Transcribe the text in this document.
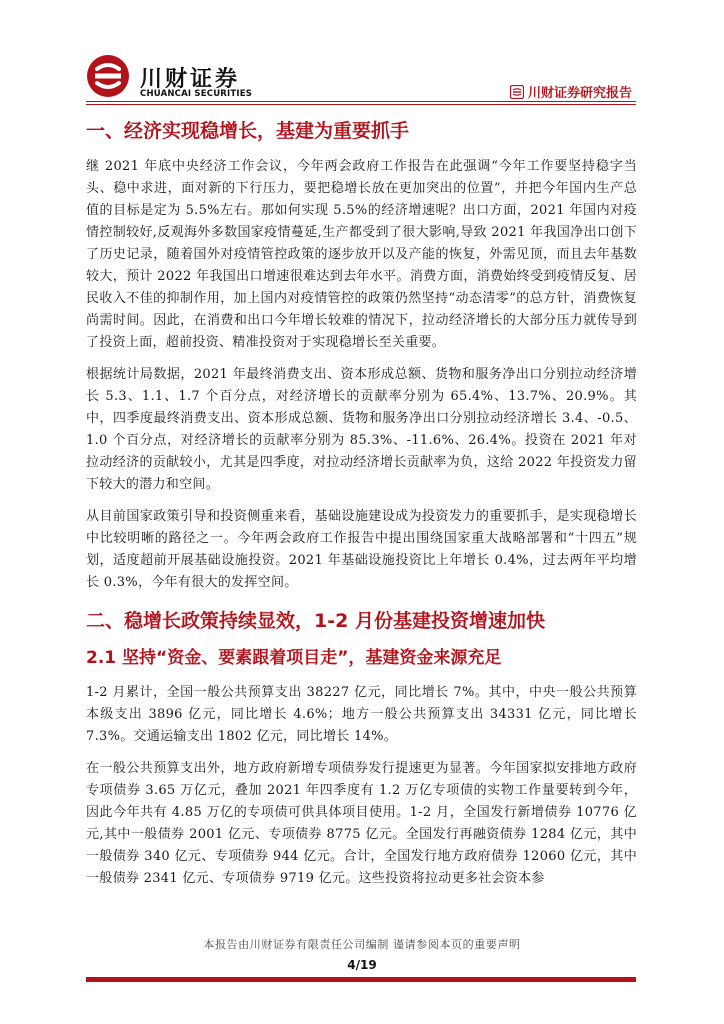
川财证券
CHUANCAI SECURITIES	川财证券研究报告
一、经济实现稳增长，基建为重要抓手

继 2021 年底中央经济工作会议，今年两会政府工作报告在此强调“今年工作要坚持稳字当头、稳中求进，面对新的下行压力，要把稳增长放在更加突出的位置”，并把今年国内生产总值的目标是定为 5.5%左右。那如何实现 5.5%的经济增速呢？出口方面，2021 年国内对疫情控制较好,反观海外多数国家疫情蔓延,生产都受到了很大影响,导致 2021 年我国净出口创下了历史记录，随着国外对疫情管控政策的逐步放开以及产能的恢复，外需见顶，而且去年基数较大，预计 2022 年我国出口增速很难达到去年水平。消费方面，消费始终受到疫情反复、居民收入不佳的抑制作用，加上国内对疫情管控的政策仍然坚持“动态清零”的总方针，消费恢复尚需时间。因此，在消费和出口今年增长较难的情况下，拉动经济增长的大部分压力就传导到了投资上面，超前投资、精准投资对于实现稳增长至关重要。

根据统计局数据，2021 年最终消费支出、资本形成总额、货物和服务净出口分别拉动经济增长 5.3、1.1、1.7 个百分点，对经济增长的贡献率分别为 65.4%、13.7%、20.9%。其中，四季度最终消费支出、资本形成总额、货物和服务净出口分别拉动经济增长 3.4、-0.5、1.0 个百分点，对经济增长的贡献率分别为 85.3%、-11.6%、26.4%。投资在 2021 年对拉动经济的贡献较小，尤其是四季度，对拉动经济增长贡献率为负，这给 2022 年投资发力留下较大的潜力和空间。

从目前国家政策引导和投资侧重来看，基础设施建设成为投资发力的重要抓手，是实现稳增长中比较明晰的路径之一。今年两会政府工作报告中提出围绕国家重大战略部署和“十四五”规划，适度超前开展基础设施投资。2021 年基础设施投资比上年增长 0.4%，过去两年平均增长 0.3%，今年有很大的发挥空间。

二、稳增长政策持续显效，1-2 月份基建投资增速加快
2.1 坚持“资金、要素跟着项目走”，基建资金来源充足

1-2 月累计，全国一般公共预算支出 38227 亿元，同比增长 7%。其中，中央一般公共预算本级支出 3896 亿元，同比增长 4.6%；地方一般公共预算支出 34331 亿元，同比增长 7.3%。交通运输支出 1802 亿元，同比增长 14%。

在一般公共预算支出外，地方政府新增专项债券发行提速更为显著。今年国家拟安排地方政府专项债券 3.65 万亿元，叠加 2021 年四季度有 1.2 万亿专项债的实物工作量要转到今年，因此今年共有 4.85 万亿的专项债可供具体项目使用。1-2 月，全国发行新增债券 10776 亿元,其中一般债券 2001 亿元、专项债券 8775 亿元。全国发行再融资债券 1284 亿元，其中一般债券 340 亿元、专项债券 944 亿元。合计，全国发行地方政府债券 12060 亿元，其中一般债券 2341 亿元、专项债券 9719 亿元。这些投资将拉动更多社会资本参

本报告由川财证券有限责任公司编制 谨请参阅本页的重要声明
4/19
